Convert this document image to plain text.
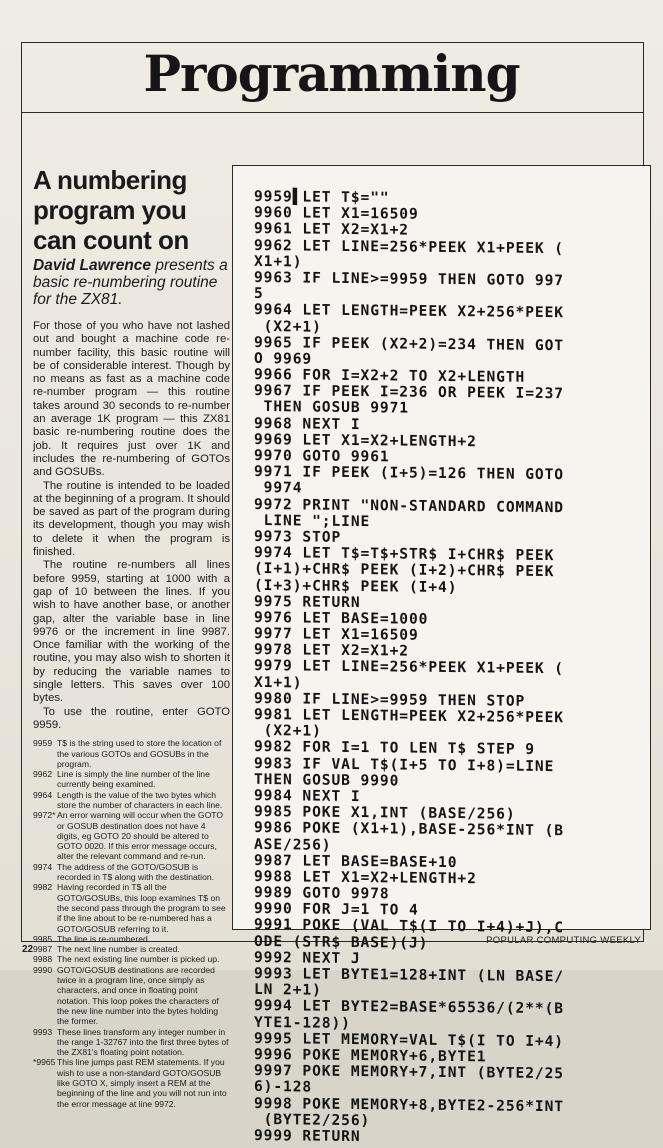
Programming
A numbering program you can count on

David Lawrence presents a basic re-numbering routine for the ZX81.

For those of you who have not lashed out and bought a machine code re-number facility, this basic routine will be of considerable interest. Though by no means as fast as a machine code re-number program — this routine takes around 30 seconds to re-number an average 1K program — this ZX81 basic re-numbering routine does the job. It requires just over 1K and includes the re-numbering of GOTOs and GOSUBs.

The routine is intended to be loaded at the beginning of a program. It should be saved as part of the program during its development, though you may wish to delete it when the program is finished.

The routine re-numbers all lines before 9959, starting at 1000 with a gap of 10 between the lines. If you wish to have another base, or another gap, alter the variable base in line 9976 or the increment in line 9987. Once familiar with the working of the routine, you may also wish to shorten it by reducing the variable names to single letters. This saves over 100 bytes.

To use the routine, enter GOTO 9959.

9959 T$ is the string used to store the location of the various GOTOs and GOSUBs in the program.
9962 Line is simply the line number of the line currently being examined.
9964 Length is the value of the two bytes which store the number of characters in each line.
9972* An error warning will occur when the GOTO or GOSUB destination does not have 4 digits, eg GOTO 20 should be altered to GOTO 0020. If this error message occurs, alter the relevant command and re-run.
9974 The address of the GOTO/GOSUB is recorded in T$ along with the destination.
9982 Having recorded in T$ all the GOTO/GOSUBs, this loop examines T$ on the second pass through the program to see if the line about to be re-numbered has a GOTO/GOSUB referring to it.
9985 The line is re-numbered.
9987 The next line number is created.
9988 The next existing line number is picked up.
9990 GOTO/GOSUB destinations are recorded twice in a program line, once simply as characters, and once in floating point notation. This loop pokes the characters of the new line number into the bytes holding the former.
9993 These lines transform any integer number in the range 1-32767 into the first three bytes of the ZX81's floating point notation.
*9965 This line jumps past REM statements. If you wish to use a non-standard GOTO/GOSUB like GOTO X, simply insert a REM at the beginning of the line and you will not run into the error message at line 9972.
9959▌LET T$=""
9960 LET X1=16509
9961 LET X2=X1+2
9962 LET LINE=256*PEEK X1+PEEK (
X1+1)
9963 IF LINE>=9959 THEN GOTO 997
5
9964 LET LENGTH=PEEK X2+256*PEEK
(X2+1)
9965 IF PEEK (X2+2)=234 THEN GOT
O 9969
9966 FOR I=X2+2 TO X2+LENGTH
9967 IF PEEK I=236 OR PEEK I=237
THEN GOSUB 9971
9968 NEXT I
9969 LET X1=X2+LENGTH+2
9970 GOTO 9961
9971 IF PEEK (I+5)=126 THEN GOTO
9974
9972 PRINT "NON-STANDARD COMMAND
LINE ";LINE
9973 STOP
9974 LET T$=T$+STR$ I+CHR$ PEEK
(I+1)+CHR$ PEEK (I+2)+CHR$ PEEK
(I+3)+CHR$ PEEK (I+4)
9975 RETURN
9976 LET BASE=1000
9977 LET X1=16509
9978 LET X2=X1+2
9979 LET LINE=256*PEEK X1+PEEK (
X1+1)
9980 IF LINE>=9959 THEN STOP
9981 LET LENGTH=PEEK X2+256*PEEK
(X2+1)
9982 FOR I=1 TO LEN T$ STEP 9
9983 IF VAL T$(I+5 TO I+8)=LINE
THEN GOSUB 9990
9984 NEXT I
9985 POKE X1,INT (BASE/256)
9986 POKE (X1+1),BASE-256*INT (B
ASE/256)
9987 LET BASE=BASE+10
9988 LET X1=X2+LENGTH+2
9989 GOTO 9978
9990 FOR J=1 TO 4
9991 POKE (VAL T$(I TO I+4)+J),C
ODE (STR$ BASE)(J)
9992 NEXT J
9993 LET BYTE1=128+INT (LN BASE/
LN 2+1)
9994 LET BYTE2=BASE*65536/(2**(B
YTE1-128))
9995 LET MEMORY=VAL T$(I TO I+4)
9996 POKE MEMORY+6,BYTE1
9997 POKE MEMORY+7,INT (BYTE2/25
6)-128
9998 POKE MEMORY+8,BYTE2-256*INT
(BYTE2/256)
9999 RETURN
22
POPULAR COMPUTING WEEKLY
